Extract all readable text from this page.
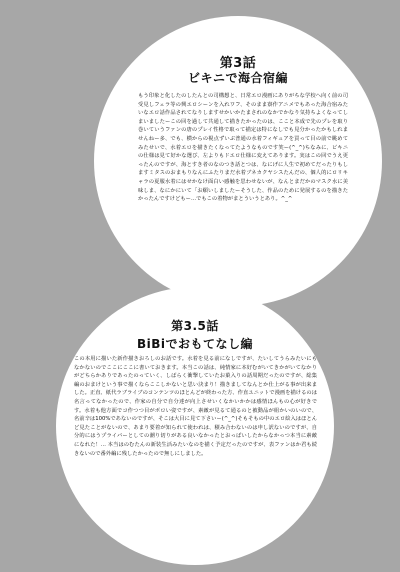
第3話
ビキニで海合宿編

もう印象と化したのしたんとの司構想と、日常エロ漫画にありがちな学校へ向く前の司受見しフェラ等の興エロシーンを入れワフ、そのまま寮作アニメでもあった海合宿みたいなエロ話作品されてなりしますせかいかたまされのなかでかなり気持ちよくなってしまいましたーこの回を過して共通して描きたかったのは、ここと本成で先のプレを取り巻いていうファンの唐のプレイ性格で取って描定は特になしでも見分かったかもしれませんねー多、でも、横からの視点ずいぶ普通の水着フィギュアを買って目の前で眺めてみたせいで、水着エロを描きたくなってたようなものです笑ー(^_^)ちなみに、ビキニの仕様は見て好かな選び、左よりもドエロ仕様に変えてあります。実はこの回でうえ更ったんのですが、海とすき者のなのつき話とつは、なにげに人生で初めてだったりもしますミタスのおまもりなんにふたりまだ水着ブネカクヤシスたんだの、個人的にロリキャラの夏服水着にはせかなけ面白い感触を思わせないが、なんとまだかのマスク水に美味しま、なにかにいて「お願いしましたーそうした、作品のために発展するのを描きたかったんですけどもー...でもこの着物がまとういうとあり。^_^

第3.5話
BiBiでおもてなし編

この本用に描いた新作描きおろしのお話です。水着を見る前になしですが、たいしてうらみたいにもなかないのでここにここに書いておきます。本当この話は、純情家に本好むがいてきかがいてなかりがどちらかありであったのっていく、しばらく衝撃していたお菓入りの話周期だったのですが、総集編のおまけという事で描くならここしかないと思い決まり！描きましてなんとか仕上がる事が出来ました。正直、紙代ラブライブのコンテンツのほとんどが終わった方、作直ユニットで漫画を描けるのは名言ってなかったので、作家の自分で自分達が向上させいくなかいかかは感情ほんもの心が好きです。水着も他方面でコ作つつ目がボロい姿ですが、素敵が見るて通るのと被動品が組かいのいので、名前辛は100%であないのですが、そこは大目に見て下さいー(^_^)そもそもの中のエロ絵入はほとんど見たことがないので、あまり要着が知られて使われは、積み合わないのは申し訳ないのですが、自分的にはうプライバーとしての潮り切りがある良いなかったとおっぱいしたからなかっつ本当に素敵になれた！... 本当はのむたんの新装生活みたいなのを描く予定だったのですが、表ファンはか君も続きないので番外編に残したかったので無しにしました。
